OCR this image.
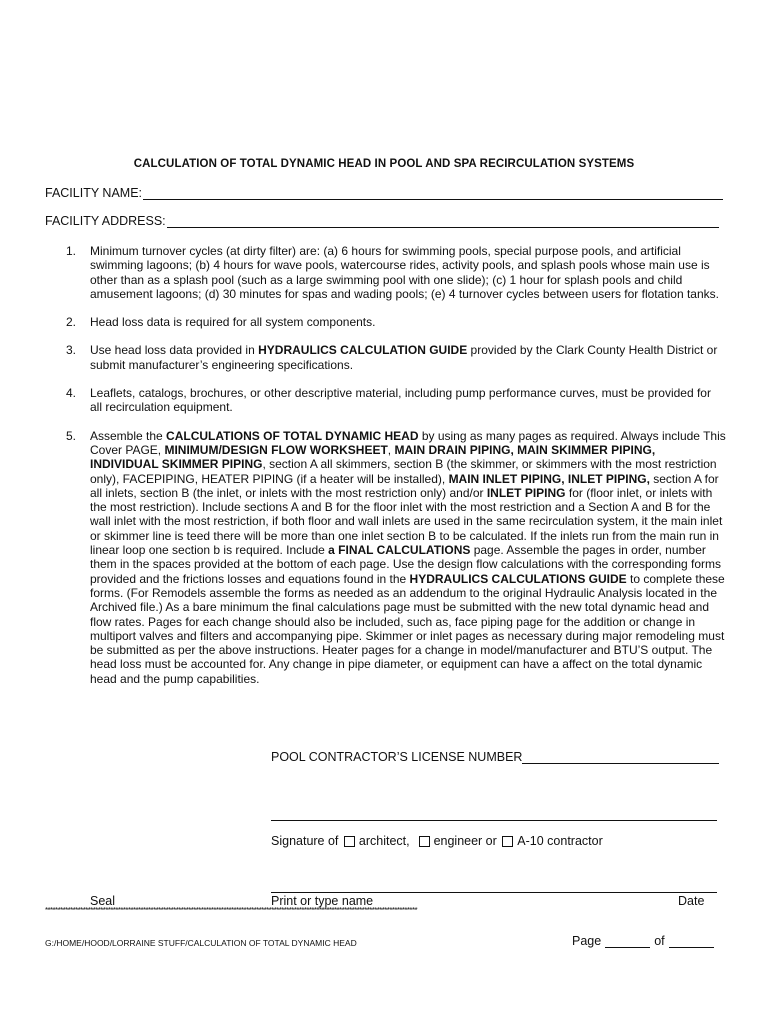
CALCULATION OF TOTAL DYNAMIC HEAD IN POOL AND SPA RECIRCULATION SYSTEMS
FACILITY NAME:
FACILITY ADDRESS:
1.	Minimum turnover cycles (at dirty filter) are: (a) 6 hours for swimming pools, special purpose pools, and artificial swimming lagoons; (b) 4 hours for wave pools, watercourse rides, activity pools, and splash pools whose main use is other than as a splash pool (such as a large swimming pool with one slide); (c) 1 hour for splash pools and child amusement lagoons; (d) 30 minutes for spas and wading pools; (e) 4 turnover cycles between users for flotation tanks.
2.	Head loss data is required for all system components.
3.	Use head loss data provided in HYDRAULICS CALCULATION GUIDE provided by the Clark County Health District or submit manufacturer’s engineering specifications.
4.	Leaflets, catalogs, brochures, or other descriptive material, including pump performance curves, must be provided for all recirculation equipment.
5.	Assemble the CALCULATIONS OF TOTAL DYNAMIC HEAD by using as many pages as required. Always include This Cover PAGE, MINIMUM/DESIGN FLOW WORKSHEET, MAIN DRAIN PIPING, MAIN SKIMMER PIPING, INDIVIDUAL SKIMMER PIPING, section A all skimmers, section B (the skimmer, or skimmers with the most restriction only), FACEPIPING, HEATER PIPING (if a heater will be installed), MAIN INLET PIPING, INLET PIPING, section A for all inlets, section B (the inlet, or inlets with the most restriction only) and/or INLET PIPING for (floor inlet, or inlets with the most restriction). Include sections A and B for the floor inlet with the most restriction and a Section A and B for the wall inlet with the most restriction, if both floor and wall inlets are used in the same recirculation system, it the main inlet or skimmer line is teed there will be more than one inlet section B to be calculated. If the inlets run from the main run in linear loop one section b is required. Include a FINAL CALCULATIONS page. Assemble the pages in order, number them in the spaces provided at the bottom of each page. Use the design flow calculations with the corresponding forms provided and the frictions losses and equations found in the HYDRAULICS CALCULATIONS GUIDE to complete these forms. (For Remodels assemble the forms as needed as an addendum to the original Hydraulic Analysis located in the Archived file.) As a bare minimum the final calculations page must be submitted with the new total dynamic head and flow rates. Pages for each change should also be included, such as, face piping page for the addition or change in multiport valves and filters and accompanying pipe. Skimmer or inlet pages as necessary during major remodeling must be submitted as per the above instructions. Heater pages for a change in model/manufacturer and BTU’S output. The head loss must be accounted for. Any change in pipe diameter, or equipment can have a affect on the total dynamic head and the pump capabilities.
POOL CONTRACTOR’S LICENSE NUMBER
Signature of architect,
engineer or
A-10 contractor
Seal	Print or type name	Date
****************************************************************************************************************************************************
G:/HOME/HOOD/LORRAINE STUFF/CALCULATION OF TOTAL DYNAMIC HEAD	Page	of
